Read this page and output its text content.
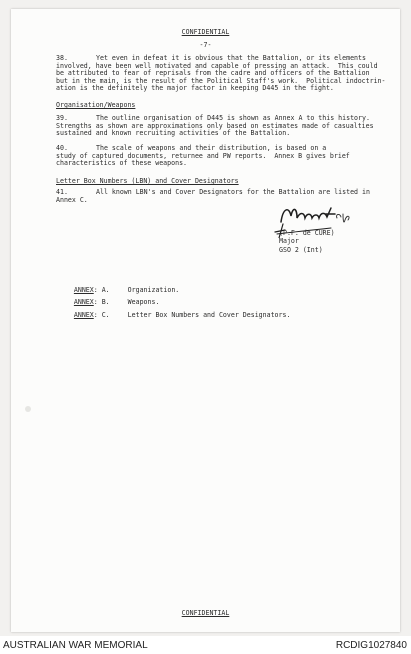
CONFIDENTIAL
-7-
38.	Yet even in defeat it is obvious that the Battalion, or its elements
involved, have been well motivated and capable of pressing an attack.  This could
be attributed to fear of reprisals from the cadre and officers of the Battalion
but in the main, is the result of the Political Staff's work.  Political indoctrin-
ation is the definitely the major factor in keeping D445 in the fight.
Organisation/Weapons
39.	The outline organisation of D445 is shown as Annex A to this history.
Strengths as shown are approximations only based on estimates made of casualties
sustained and known recruiting activities of the Battalion.
40.	The scale of weapons and their distribution, is based on a
study of captured documents, returnee and PW reports.  Annex B gives brief
characteristics of these weapons.
Letter Box Numbers (LBN) and Cover Designators
41.	All known LBN's and Cover Designators for the Battalion are listed in
Annex C.
(P.F. de CURE)
Major
GSO 2 (Int)

ANNEX: A.	Organization.

ANNEX: B.	Weapons.

ANNEX: C.	Letter Box Numbers and Cover Designators.

CONFIDENTIAL
AUSTRALIAN WAR MEMORIAL	RCDIG1027840
